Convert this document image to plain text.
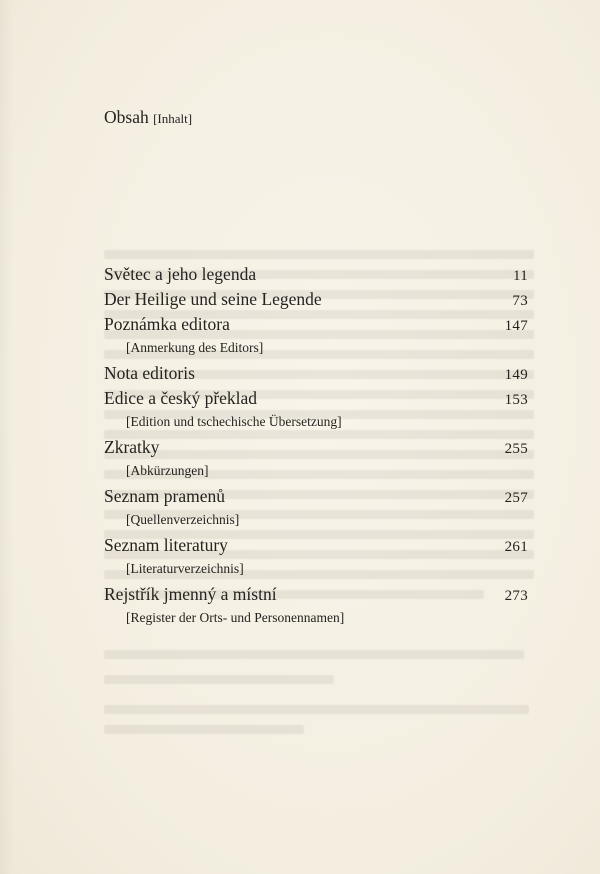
Obsah [Inhalt]
Světec a jeho legenda	11
Der Heilige und seine Legende	73
Poznámka editora	147
[Anmerkung des Editors]
Nota editoris	149
Edice a český překlad	153
[Edition und tschechische Übersetzung]
Zkratky	255
[Abkürzungen]
Seznam pramenů	257
[Quellenverzeichnis]
Seznam literatury	261
[Literaturverzeichnis]
Rejstřík jmenný a místní	273
[Register der Orts- und Personennamen]
